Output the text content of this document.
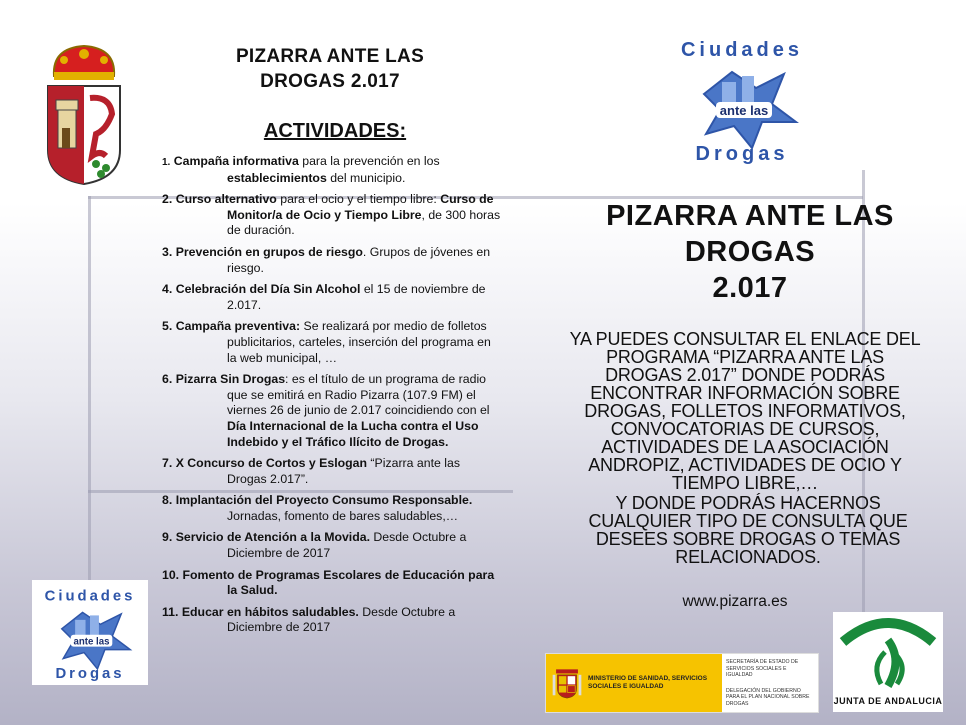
Ciudades
ante las
Drogas
Ciudades
ante las
Drogas
PIZARRA ANTE LAS
DROGAS 2.017
ACTIVIDADES:
1. Campaña informativa para la prevención en los establecimientos del municipio.
2. Curso alternativo para el ocio y el tiempo libre: Curso de Monitor/a de Ocio y Tiempo Libre, de 300 horas de duración.
3. Prevención en grupos de riesgo. Grupos de jóvenes en riesgo.
4. Celebración del Día Sin Alcohol el 15 de noviembre de 2.017.
5. Campaña preventiva: Se realizará por medio de folletos publicitarios, carteles, inserción del programa en la web municipal, …
6. Pizarra Sin Drogas: es el título de un programa de radio que se emitirá en Radio Pizarra (107.9 FM) el viernes 26 de junio de 2.017 coincidiendo con el Día Internacional de la Lucha contra el Uso Indebido y el Tráfico Ilícito de Drogas.
7. X Concurso de Cortos y Eslogan “Pizarra ante las Drogas 2.017”.
8. Implantación del Proyecto Consumo Responsable. Jornadas, fomento de bares saludables,…
9. Servicio de Atención a la Movida. Desde Octubre a Diciembre de 2017
10. Fomento de Programas Escolares de Educación para la Salud.
11. Educar en hábitos saludables. Desde Octubre a Diciembre de 2017
PIZARRA ANTE LAS
DROGAS
2.017
YA PUEDES CONSULTAR EL ENLACE DEL
PROGRAMA “PIZARRA ANTE LAS
DROGAS 2.017” DONDE PODRÁS
ENCONTRAR INFORMACIÓN SOBRE
DROGAS, FOLLETOS INFORMATIVOS,
CONVOCATORIAS DE CURSOS,
ACTIVIDADES DE LA ASOCIACIÓN
ANDROPIZ, ACTIVIDADES DE OCIO Y
TIEMPO LIBRE,…
Y DONDE PODRÁS HACERNOS
CUALQUIER TIPO DE CONSULTA QUE
DESEES SOBRE DROGAS O TEMAS
RELACIONADOS.
www.pizarra.es
MINISTERIO DE SANIDAD, SERVICIOS SOCIALES E IGUALDAD
SECRETARÍA DE ESTADO DE SERVICIOS SOCIALES E IGUALDAD
DELEGACIÓN DEL GOBIERNO PARA EL PLAN NACIONAL SOBRE DROGAS	JUNTA DE ANDALUCIA
